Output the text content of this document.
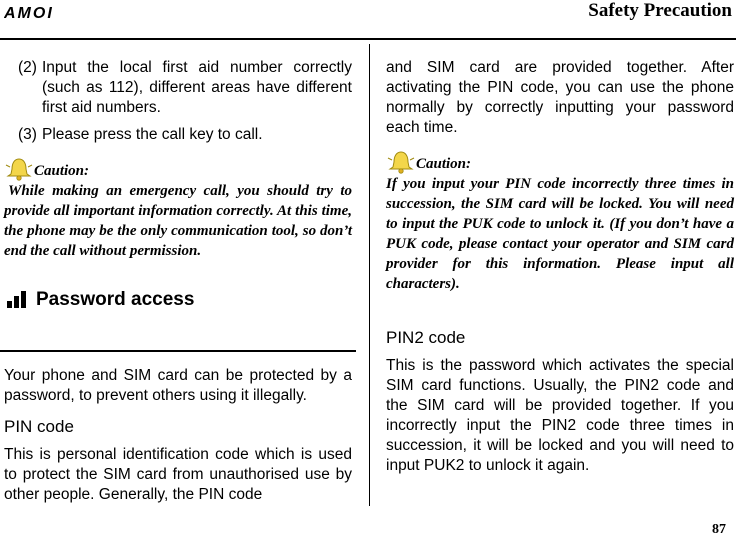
AMOI	Safety Precaution
(2) Input the local first aid number correctly (such as 112), different areas have different first aid numbers.
(3) Please press the call key to call.
Caution:
While making an emergency call, you should try to provide all important information correctly. At this time, the phone may be the only communication tool, so don’t end the call without permission.
Password access
Your phone and SIM card can be protected by a password, to prevent others using it illegally.
PIN code
This is personal identification code which is used to protect the SIM card from unauthorised use by other people. Generally, the PIN code
and SIM card are provided together. After activating the PIN code, you can use the phone normally by correctly inputting your password each time.
Caution:
If you input your PIN code incorrectly three times in succession, the SIM card will be locked. You will need to input the PUK code to unlock it. (If you don’t have a PUK code, please contact your operator and SIM card provider for this information. Please input all characters).
PIN2 code
This is the password which activates the special SIM card functions. Usually, the PIN2 code and the SIM card will be provided together. If you incorrectly input the PIN2 code three times in succession, it will be locked and you will need to input PUK2 to unlock it again.
87
